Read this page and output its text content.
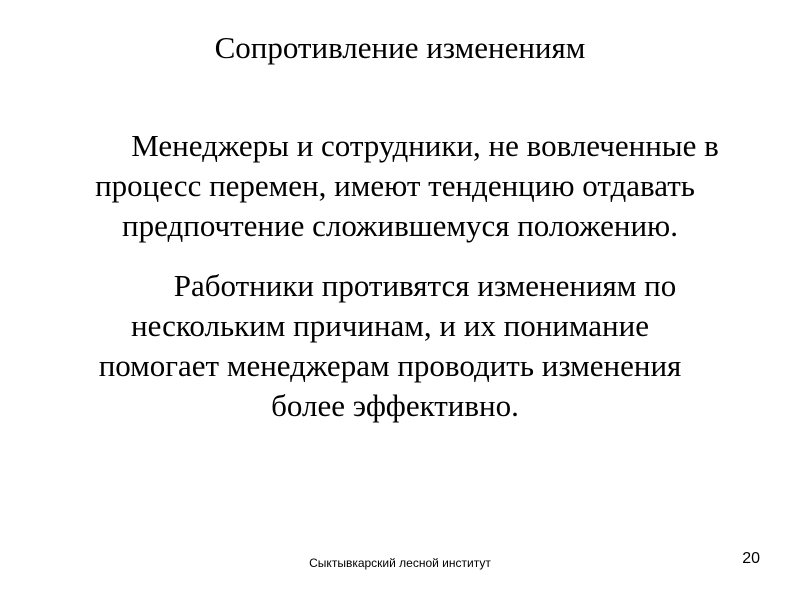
Сопротивление изменениям

Менеджеры и сотрудники, не вовлеченные в
процесс перемен, имеют тенденцию отдавать
предпочтение сложившемуся положению.

Работники противятся изменениям по
нескольким причинам, и их понимание
помогает менеджерам проводить изменения
более эффективно.

Сыктывкарский лесной институт	20
